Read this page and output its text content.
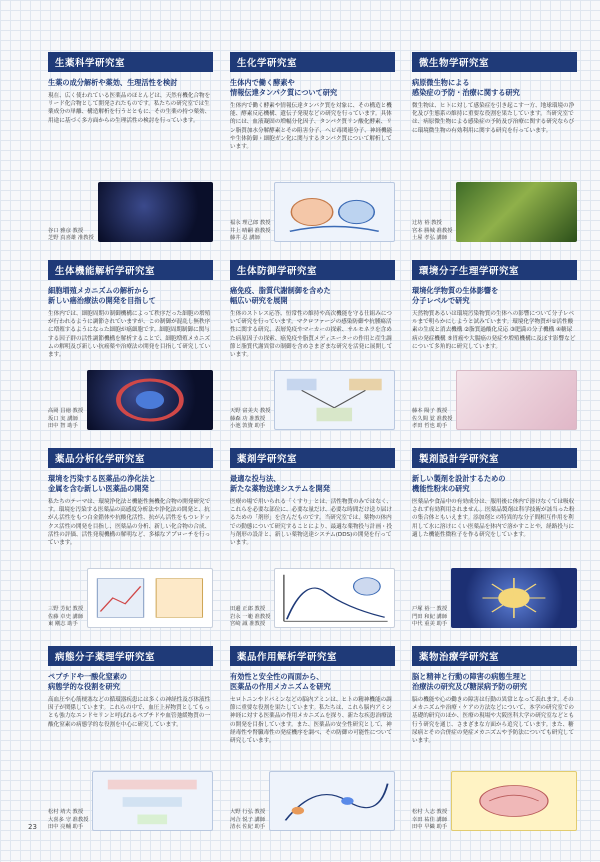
生薬科学研究室
生薬の成分解析や薬効、生理活性を検討
現在、広く使われている医薬品のほとんどは、天然有機化合物をリード化合物として開発されたものです。私たちの研究室では生薬成分の単離、構造解析を行うとともに、その生薬の持つ薬効、用途に基づく多方面からの生理活性の検討を行っています。
谷口 雅彦 教授
芝野 真喜雄 准教授
生化学研究室
生体内で働く酵素や
情報伝達タンパク質について研究
生体内で働く酵素や情報伝達タンパク質を対象に、その構造と機能、酵素反応機構、遺伝子発現などの研究を行っています。具体的には、血液凝固の増幅分化因子、タンパク質リン酸化酵素、リン脂質加水分解酵素とその阻害分子、ヘビ毒関連分子、神経機能や生体防御・細胞ガン化に関与するタンパク質について解析しています。
福永 理己郎 教授
井上 晴嗣 准教授
藤井 忍 講師
微生物学研究室
病原微生物による
感染症の予防・治療に関する研究
微生物は、ヒトに対して感染症を引き起こす一方、地球環境の浄化及び生態系の維持に重要な役割を果たしています。当研究室では、病原微生物による感染症の予防及び治療に関する研究ならびに環境微生物の有効利用に関する研究を行っています。
辻坊 裕 教授
宮本 勝城 准教授
土屋 孝弘 講師
生体機能解析学研究室
細胞増殖メカニズムの解析から
新しい癌治療法の開発を目指して
生体内では、細胞周期の制御機構によって秩序だった細胞の増殖が行われるように調節されていますが、この制御が混乱し無秩序に増殖するようになった細胞が癌細胞です。細胞周期制御に関与する因子群の活性調節機構を解析することで、細胞増殖メカニズムの解明及び新しい抗癌薬や治療法の開発を目指して研究しています。
高岡 昌徳 教授
坂口 実 講師
田中 智 助手
生体防御学研究室
癌免疫、脂質代謝制御を含めた
幅広い研究を展開
生体のストレス応答、恒常性の維持や高次機能を守る仕組みについて研究を行っています。マクロファージの感染防御や抗腫瘍活性に関する研究、表層免疫やマーカーの探索、サルモネラを含めた病原因子の探索、癌免疫や脂質メディエーターの作用と産生調節と脂質代謝異常の制御を含めさまざまな研究を活発に展開しています。
天野 富美夫 教授
藤森 功 准教授
小池 敦資 助手
環境分子生理学研究室
環境化学物質の生体影響を
分子レベルで研究
天然物質あるいは環境汚染物質の生体への影響について分子レベルまで明らかにしようと試みています。環境化学物質が①活性酸素の生成と消去機構 ②脂質過酸化反応 ③肥満の分子機構 ④糖尿病の発症機構 ⑤胃癌や大腸癌の発症や増殖機構に及ぼす影響などについて多角的に研究しています。
藤本 陽子 教授
佐久間 覚 准教授
孝田 哲也 助手
薬品分析化学研究室
環境を汚染する医薬品の浄化法と
金属を含む新しい医薬品の開発
私たちのテーマは、環境浄化法と機能性無機化合物の開発研究です。環境を汚染する医薬品の高感度分析法や浄化法の開発と、抗がん活性をもつ白金錯体や抗酸化活性、抗がん活性をもつレドックス活性の開発を目指し、医薬品の分析、新しい化合物の合成、活性の評価、活性発現機構の解明など、多様なアプローチを行っています。
三野 芳紀 教授
佐藤 卓史 講師
東 剛志 助手
薬剤学研究室
最適な投与法、
新たな薬物送達システムを開発
医療の場で用いられる「くすり」とは、活性物質のみではなく、これらを必要な部位に、必要な量だけ、必要な時間だけ送り届けるための「剤形」を含んだものです。当研究室では、薬物の体内での動態について研究することにより、最適な薬物投与計画・投与剤形の設計と、新しい薬物送達システム(DDS)の開発を行っています。
田邊 正郎 教授
岩永 一範 准教授
宮崎 誠 准教授
製剤設計学研究室
新しい製剤を設計するための
機能性粉末の研究
医薬品や食品中の有効成分は、服用後に体内で溶けなくては吸収されず有効利用されません。医薬品製剤は科学技術が該当った粉の集合体ともいえます。添加剤との特異的な分子間相互作用を利用して水に溶けにくい医薬品を体内で溶かすことや、経路投与に適した機能性微粒子を作る研究をしています。
戸塚 裕一 教授
門田 和紀 講師
中代 重美 助手
病態分子薬理学研究室
ペプチドや一酸化窒素の
病態学的な役割を研究
高血圧や心筋梗塞などの循環器疾患には多くの神経性及び体液性因子が関係しています。これらの中で、血圧上昇物質としてもっとも強力なエンドセリンと呼ばれるペプチドや血管弛緩物質の一酸化窒素の病態学的な役割を中心に研究しています。
松村 靖夫 教授
大喜多 守 准教授
田中 亮輔 助手
薬品作用解析学研究室
有効性と安全性の両面から、
医薬品の作用メカニズムを研究
セロトニンやドパミンなどの脳内アミンは、ヒトの精神機能の調節に重要な役割を果たしています。私たちは、これら脳内アミン神経に対する医薬品の作用メカニズムを探り、新たな疾患治療法の開発を目指しています。また、医薬品の安全性研究として、神経毒性や腎臓毒性の発症機序を調べ、その防御の可能性について研究しています。
大野 行弘 教授
河合 悦子 講師
清水 佐紀 助手
薬物治療学研究室
脳と精神と行動の障害の病態生理と
治療法の研究及び糖尿病予防の研究
脳の機能や心の働きの障害は行動の異常となって表れます。そのメカニズムや治療・ケアの方法などについて、本学の研究室での基礎的研究のほか、医療の現場や大阪医科大学の研究室などとも行う研究を通じ、さまざまな方面から追究しています。また、糖尿病とその合併症の発症メカニズムや予防法についても研究しています。
松村 人志 教授
幸田 祐佳 講師
田中 早織 助手
23
